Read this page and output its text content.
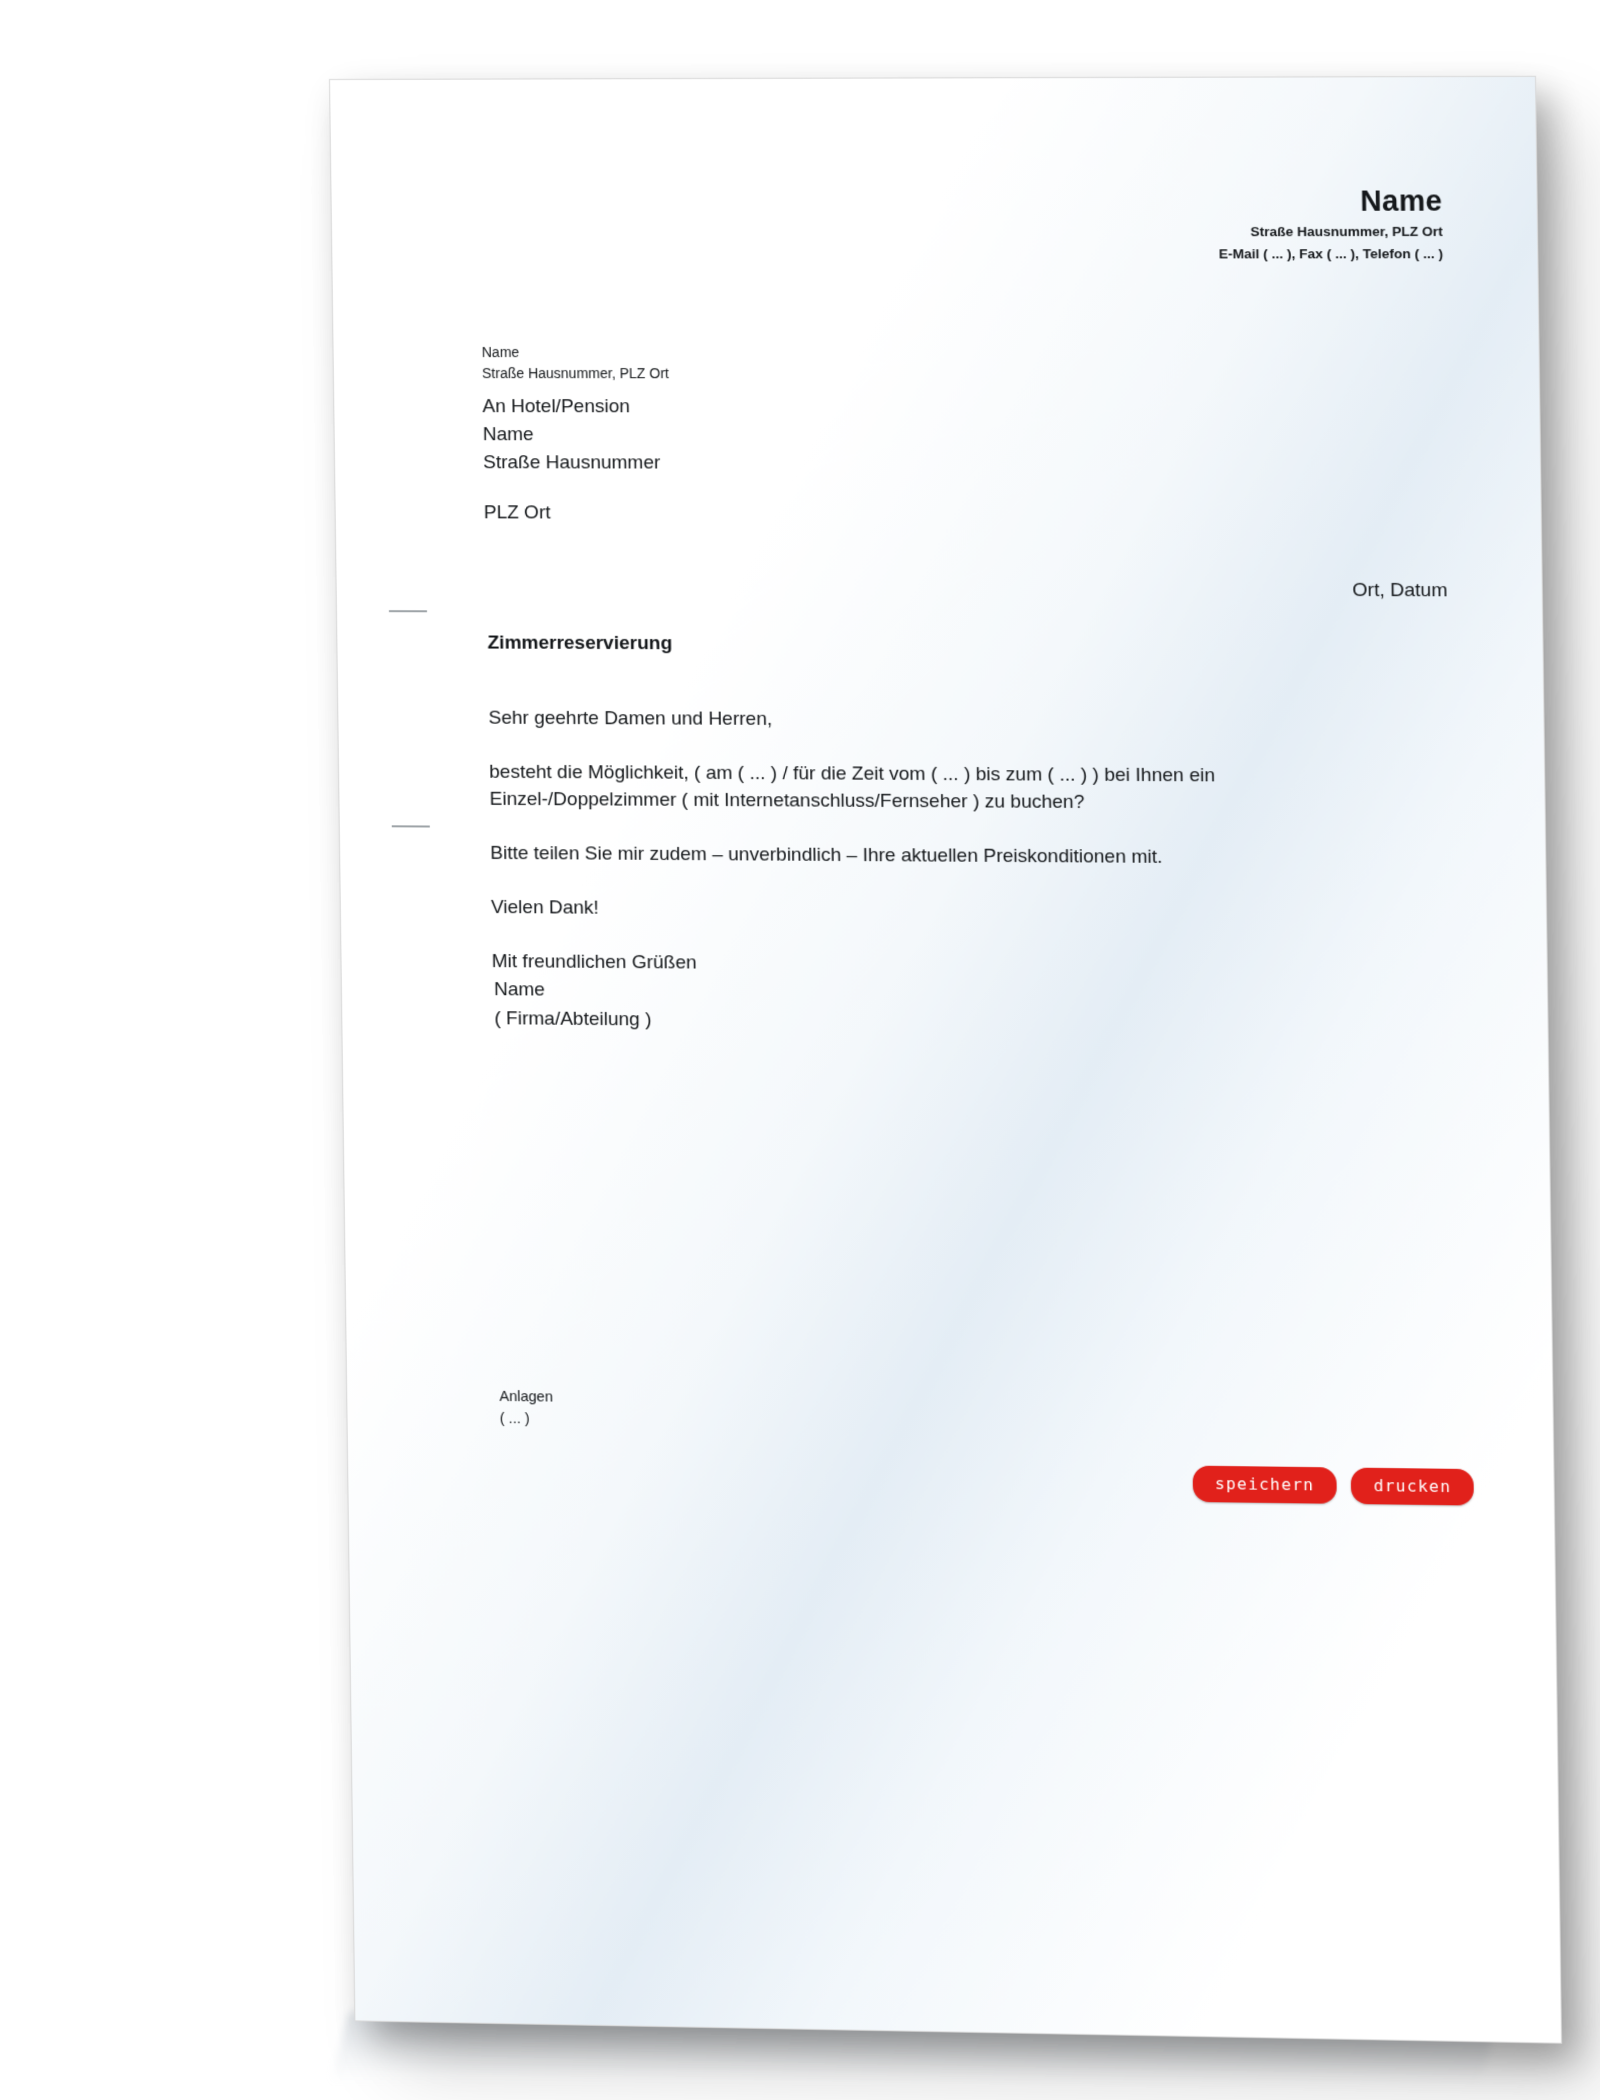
Name
Straße Hausnummer, PLZ Ort
E-Mail ( ... ), Fax ( ... ), Telefon ( ... )
Name
Straße Hausnummer, PLZ Ort
An Hotel/Pension
Name
Straße Hausnummer
PLZ Ort
Ort, Datum
Zimmerreservierung

Sehr geehrte Damen und Herren,

besteht die Möglichkeit, ( am ( ... ) / für die Zeit vom ( ... ) bis zum ( ... ) ) bei Ihnen ein Einzel-/Doppelzimmer ( mit Internetanschluss/Fernseher ) zu buchen?

Bitte teilen Sie mir zudem – unverbindlich – Ihre aktuellen Preiskonditionen mit.

Vielen Dank!

Mit freundlichen Grüßen

Name
( Firma/Abteilung )
Anlagen
( ... )
speichern	drucken
